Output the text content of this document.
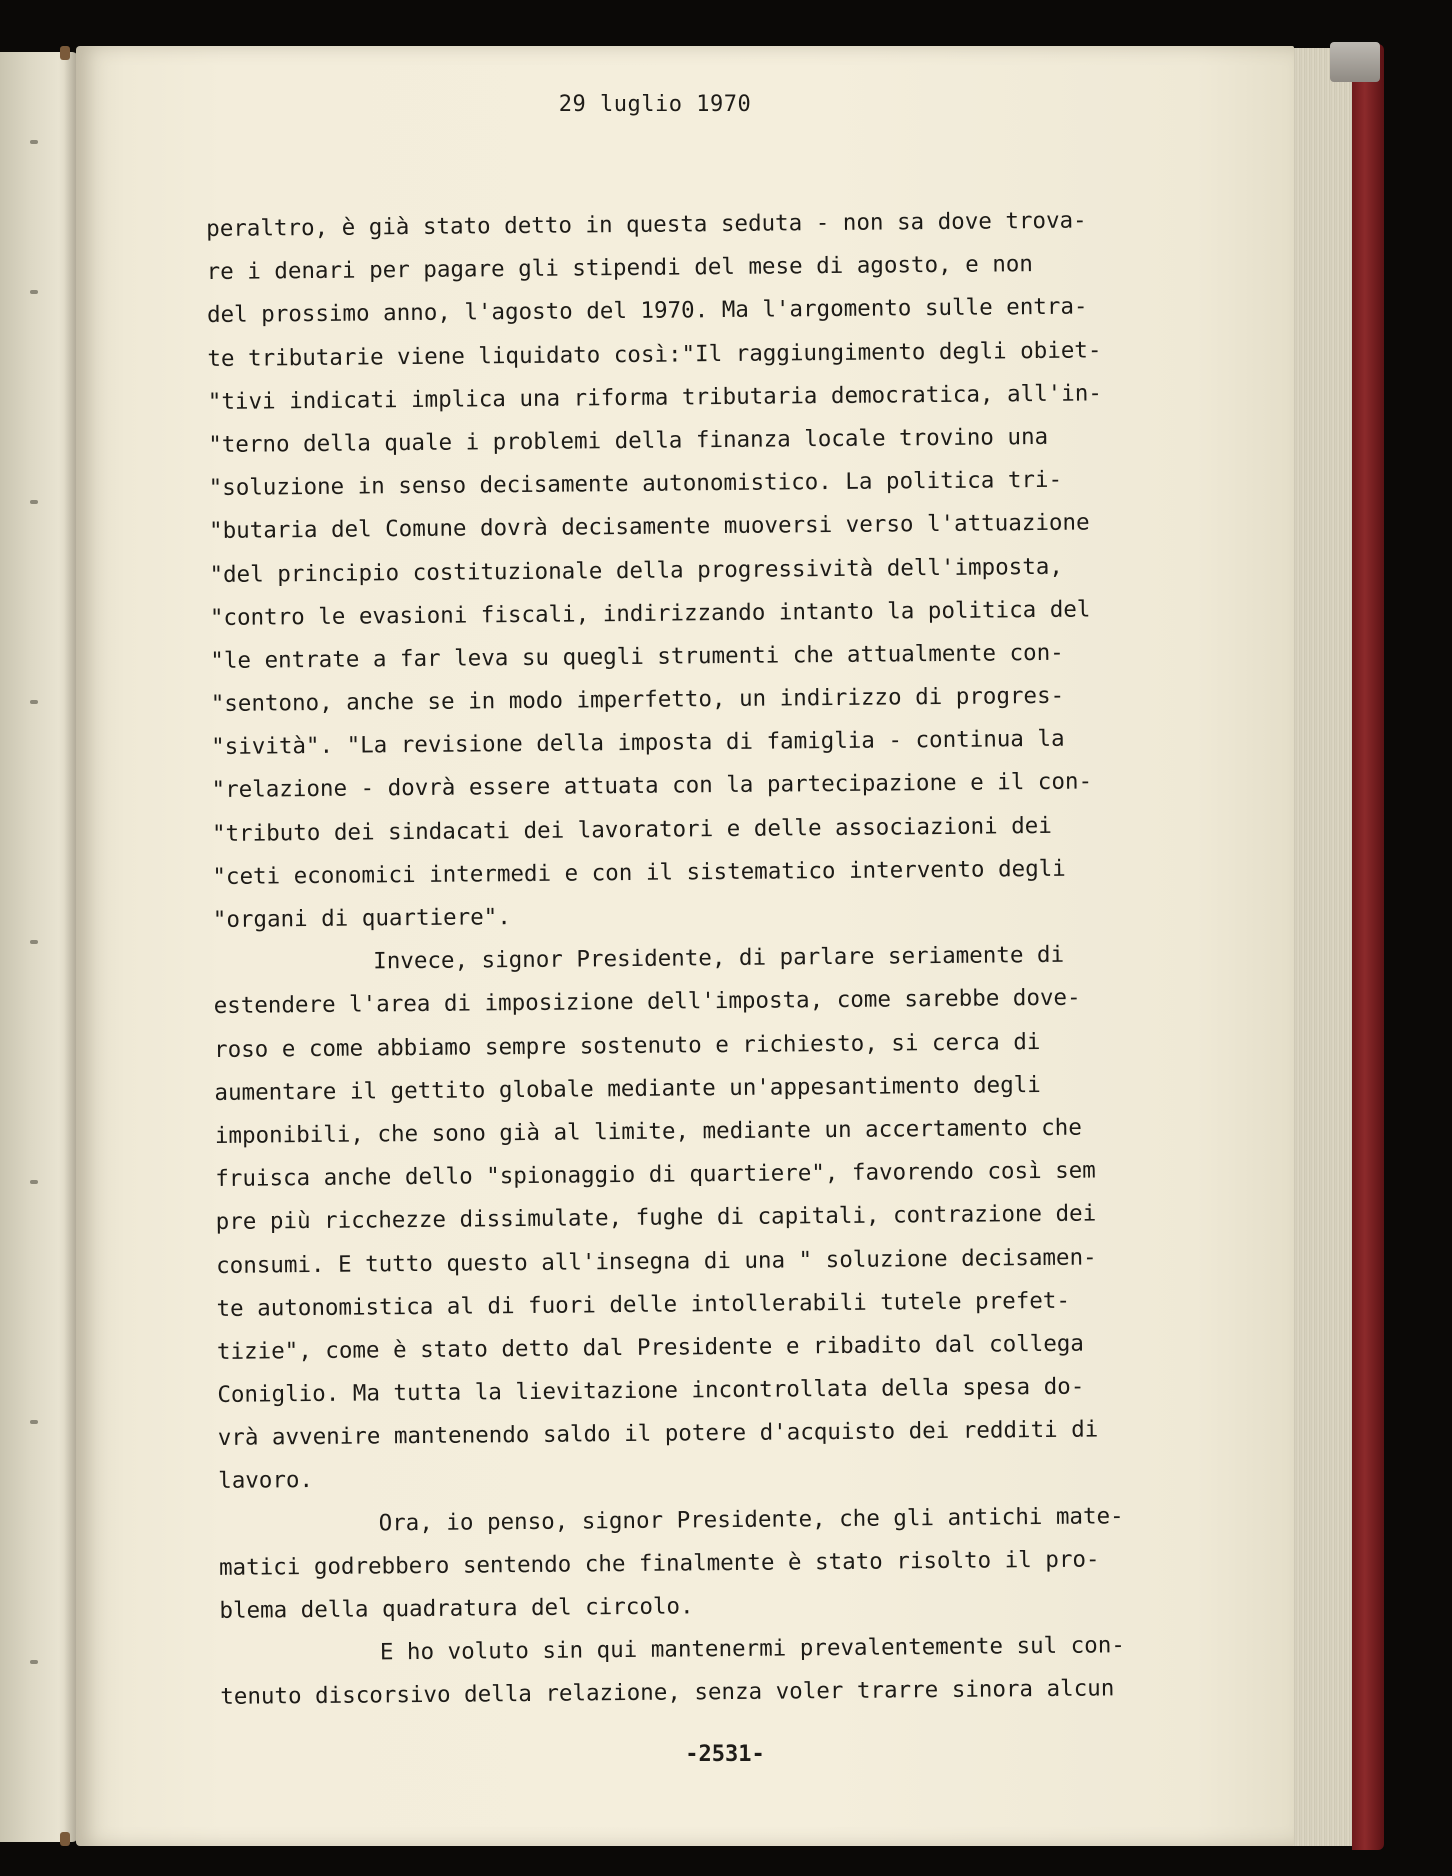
29 luglio 1970
peraltro, è già stato detto in questa seduta - non sa dove trova-
re i denari per pagare gli stipendi del mese di agosto, e non
del prossimo anno, l'agosto del 1970. Ma l'argomento sulle entra-
te tributarie viene liquidato così:"Il raggiungimento degli obiet-
"tivi indicati implica una riforma tributaria democratica, all'in-
"terno della quale i problemi della finanza locale trovino una
"soluzione in senso decisamente autonomistico. La politica tri-
"butaria del Comune dovrà decisamente muoversi verso l'attuazione
"del principio costituzionale della progressività dell'imposta,
"contro le evasioni fiscali, indirizzando intanto la politica del
"le entrate a far leva su quegli strumenti che attualmente con-
"sentono, anche se in modo imperfetto, un indirizzo di progres-
"sività". "La revisione della imposta di famiglia - continua la
"relazione - dovrà essere attuata con la partecipazione e il con-
"tributo dei sindacati dei lavoratori e delle associazioni dei
"ceti economici intermedi e con il sistematico intervento degli
"organi di quartiere".
Invece, signor Presidente, di parlare seriamente di
estendere l'area di imposizione dell'imposta, come sarebbe dove-
roso e come abbiamo sempre sostenuto e richiesto, si cerca di
aumentare il gettito globale mediante un'appesantimento degli
imponibili, che sono già al limite, mediante un accertamento che
fruisca anche dello "spionaggio di quartiere", favorendo così sem
pre più ricchezze dissimulate, fughe di capitali, contrazione dei
consumi. E tutto questo all'insegna di una " soluzione decisamen-
te autonomistica al di fuori delle intollerabili tutele prefet-
tizie", come è stato detto dal Presidente e ribadito dal collega
Coniglio. Ma tutta la lievitazione incontrollata della spesa do-
vrà avvenire mantenendo saldo il potere d'acquisto dei redditi di
lavoro.
Ora, io penso, signor Presidente, che gli antichi mate-
matici godrebbero sentendo che finalmente è stato risolto il pro-
blema della quadratura del circolo.
E ho voluto sin qui mantenermi prevalentemente sul con-
tenuto discorsivo della relazione, senza voler trarre sinora alcun
-2531-
